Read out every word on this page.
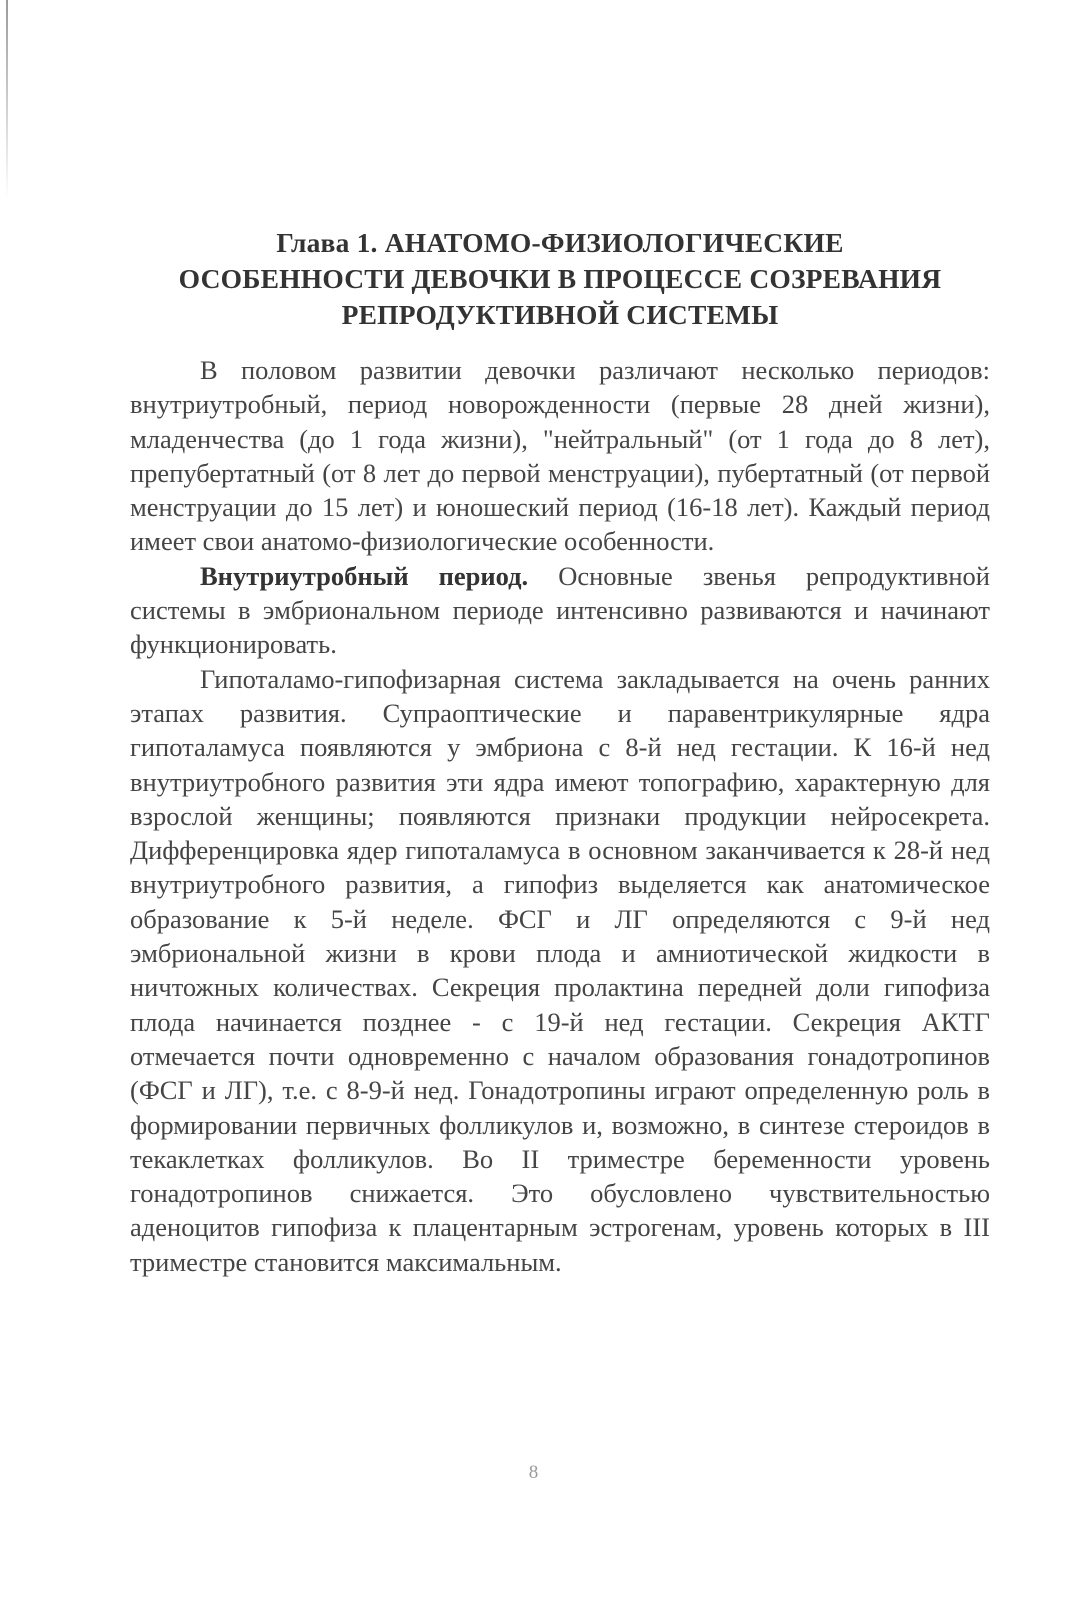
Глава 1. АНАТОМО-ФИЗИОЛОГИЧЕСКИЕ
ОСОБЕННОСТИ ДЕВОЧКИ В ПРОЦЕССЕ СОЗРЕВАНИЯ
РЕПРОДУКТИВНОЙ СИСТЕМЫ

В половом развитии девочки различают несколько периодов: внутриутробный, период новорожденности (первые 28 дней жизни), младенчества (до 1 года жизни), "нейтральный" (от 1 года до 8 лет), препубертатный (от 8 лет до первой менструации), пубертатный (от первой менструации до 15 лет) и юношеский период (16-18 лет). Каждый период имеет свои анатомо-физиологические особенности.

Внутриутробный период. Основные звенья репродуктивной системы в эмбриональном периоде интенсивно развиваются и начинают функционировать.

Гипоталамо-гипофизарная система закладывается на очень ранних этапах развития. Супраоптические и паравентрикулярные ядра гипоталамуса появляются у эмбриона с 8-й нед гестации. К 16-й нед внутриутробного развития эти ядра имеют топографию, характерную для взрослой женщины; появляются признаки продукции нейросекрета. Дифференцировка ядер гипоталамуса в основном заканчивается к 28-й нед внутриутробного развития, а гипофиз выделяется как анатомическое образование к 5-й неделе. ФСГ и ЛГ определяются с 9-й нед эмбриональной жизни в крови плода и амниотической жидкости в ничтожных количествах. Секреция пролактина передней доли гипофиза плода начинается позднее - с 19-й нед гестации. Секреция АКТГ отмечается почти одновременно с началом образования гонадотропинов (ФСГ и ЛГ), т.е. с 8-9-й нед. Гонадотропины играют определенную роль в формировании первичных фолликулов и, возможно, в синтезе стероидов в текаклетках фолликулов. Во II триместре беременности уровень гонадотропинов снижается. Это обусловлено чувствительностью аденоцитов гипофиза к плацентарным эстрогенам, уровень которых в III триместре становится максимальным.

8
